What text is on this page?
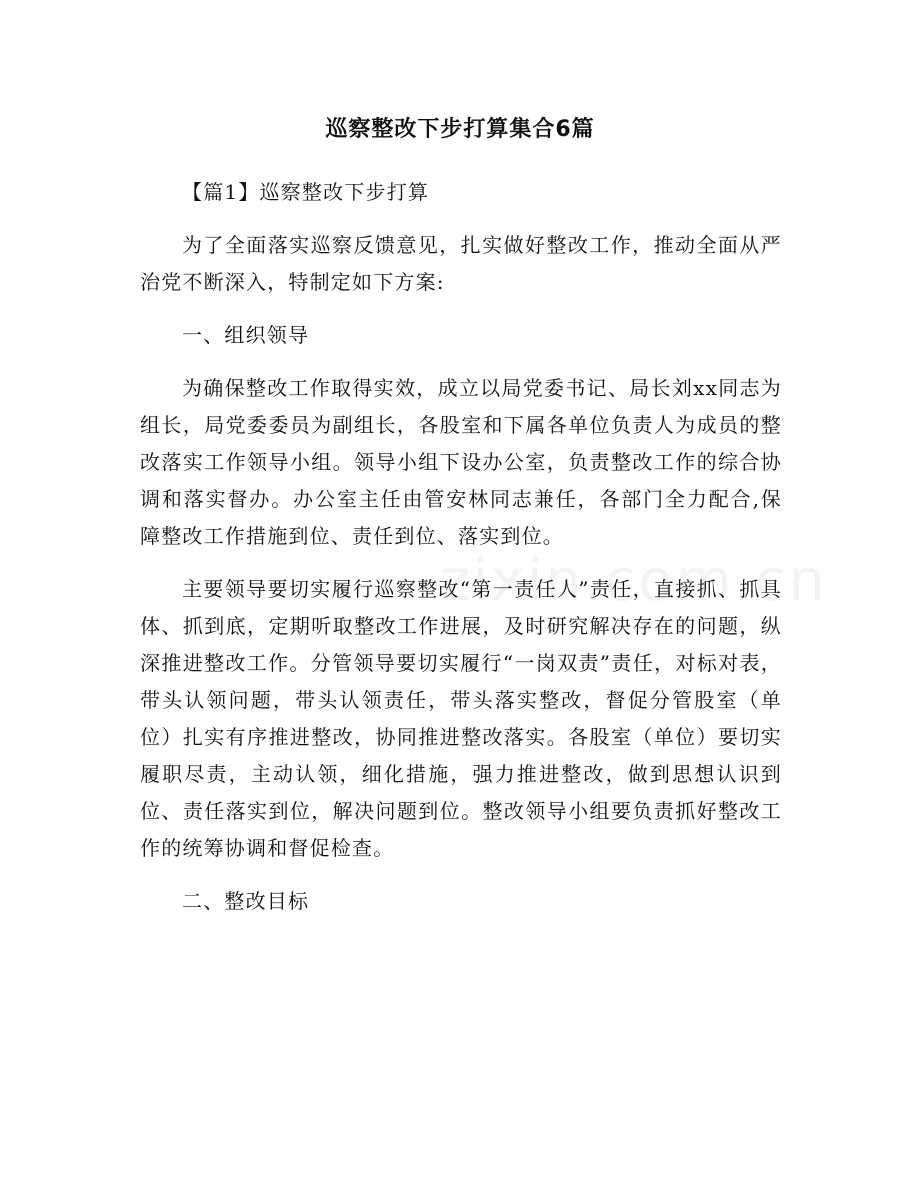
巡察整改下步打算集合6篇

【篇1】巡察整改下步打算

为了全面落实巡察反馈意见，扎实做好整改工作，推动全面从严治党不断深入，特制定如下方案:

一、组织领导

为确保整改工作取得实效，成立以局党委书记、局长刘xx同志为组长，局党委委员为副组长，各股室和下属各单位负责人为成员的整改落实工作领导小组。领导小组下设办公室，负责整改工作的综合协调和落实督办。办公室主任由管安林同志兼任，各部门全力配合,保障整改工作措施到位、责任到位、落实到位。

主要领导要切实履行巡察整改“第一责任人”责任，直接抓、抓具体、抓到底，定期听取整改工作进展，及时研究解决存在的问题，纵深推进整改工作。分管领导要切实履行“一岗双责”责任，对标对表，带头认领问题，带头认领责任，带头落实整改，督促分管股室（单位）扎实有序推进整改，协同推进整改落实。各股室（单位）要切实履职尽责，主动认领，细化措施，强力推进整改，做到思想认识到位、责任落实到位，解决问题到位。整改领导小组要负责抓好整改工作的统筹协调和督促检查。

二、整改目标
